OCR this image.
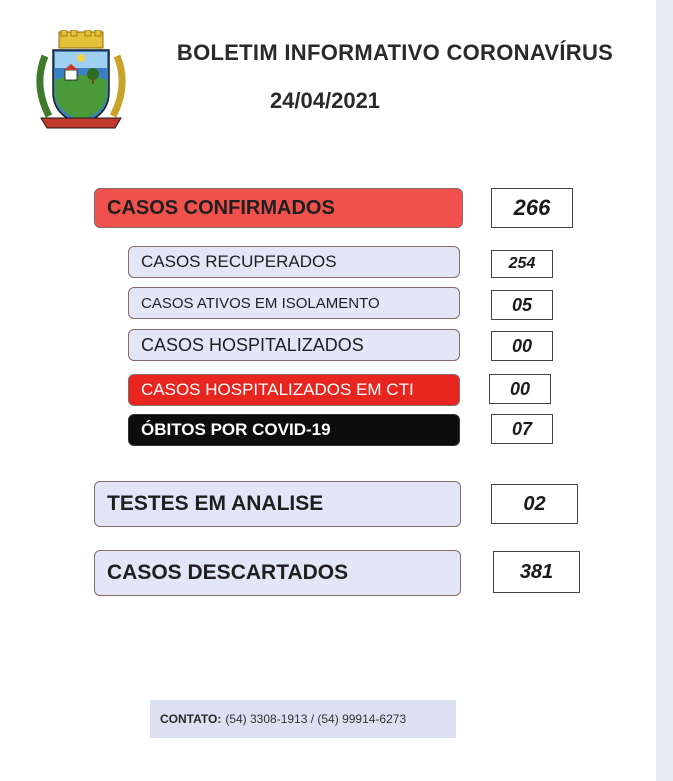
BOLETIM INFORMATIVO CORONAVÍRUS
24/04/2021
CASOS CONFIRMADOS	266
CASOS RECUPERADOS	254
CASOS ATIVOS EM ISOLAMENTO	05
CASOS HOSPITALIZADOS	00
CASOS HOSPITALIZADOS EM CTI	00
ÓBITOS POR COVID-19	07
TESTES EM ANALISE	02
CASOS DESCARTADOS	381
CONTATO: (54) 3308-1913 / (54) 99914-6273
